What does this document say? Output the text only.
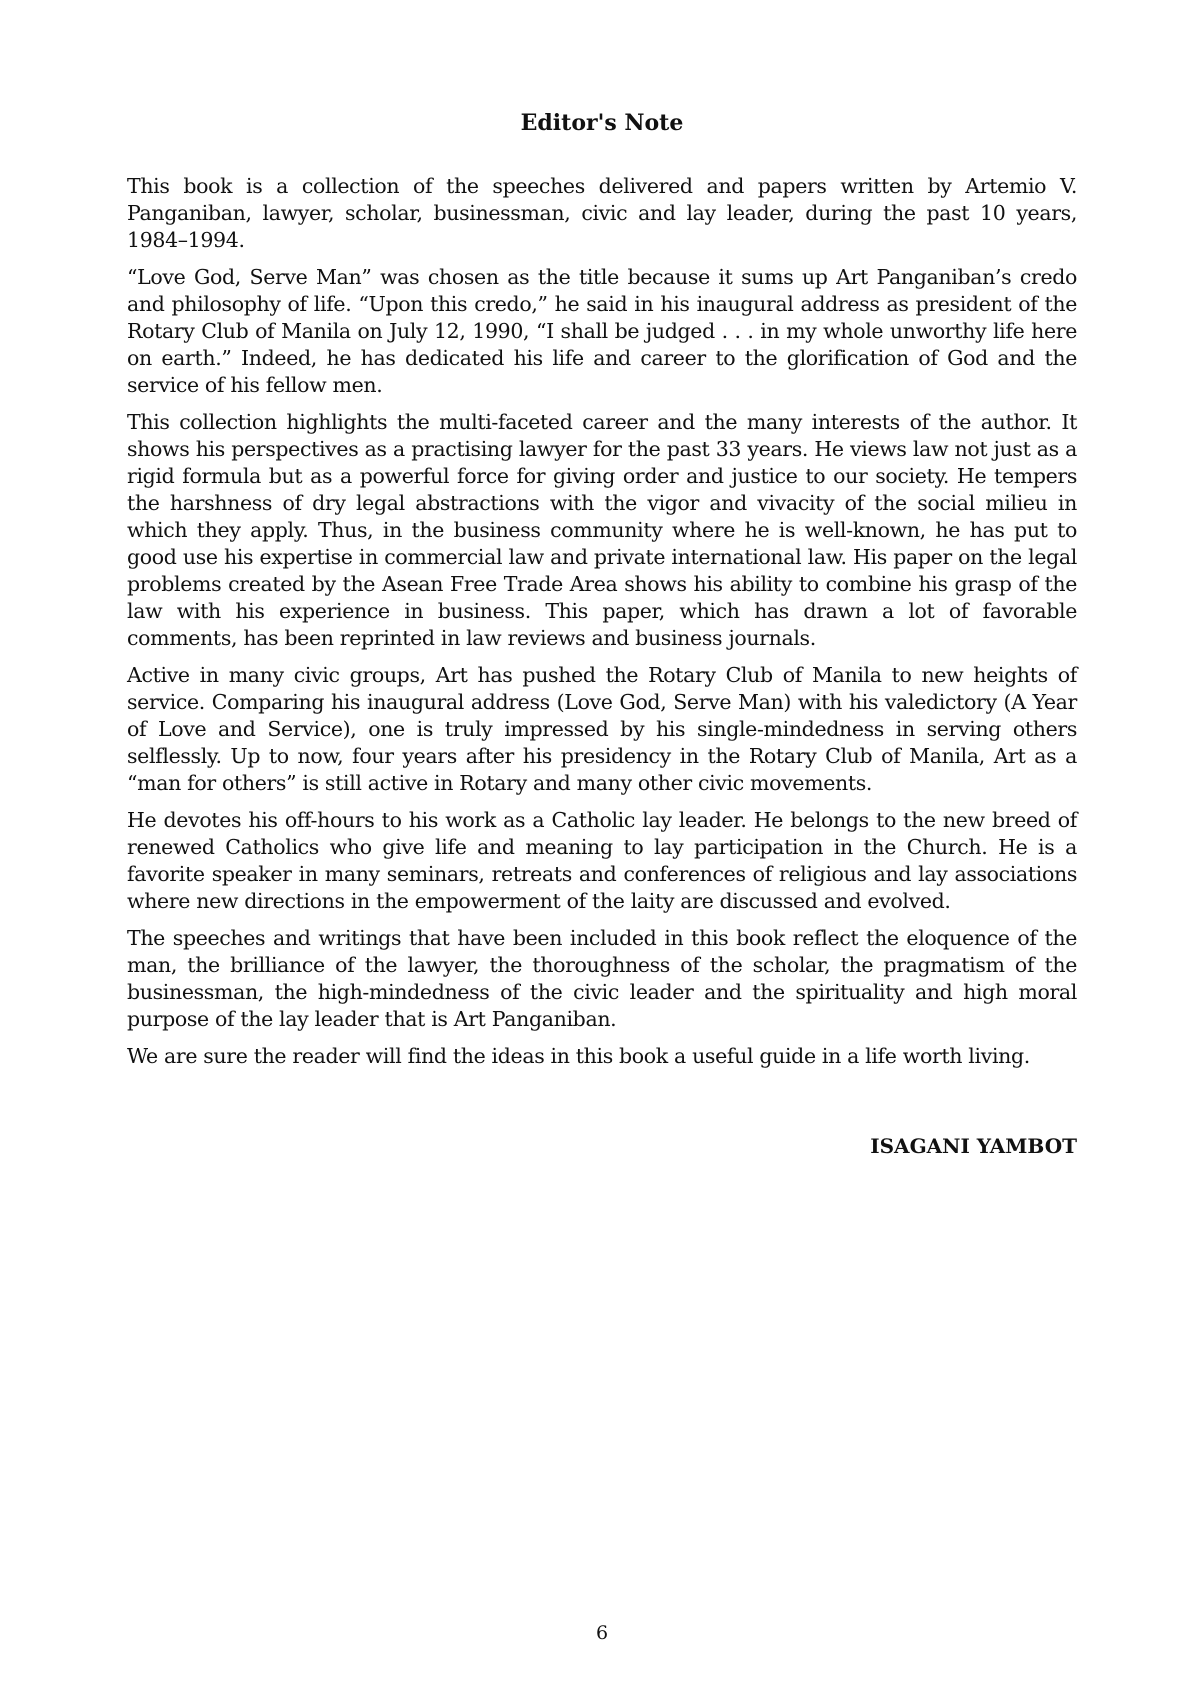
Editor's Note

This book is a collection of the speeches delivered and papers written by Artemio V. Panganiban, lawyer, scholar, businessman, civic and lay leader, during the past 10 years, 1984–1994.

“Love God, Serve Man” was chosen as the title because it sums up Art Panganiban’s credo and philosophy of life. “Upon this credo,” he said in his inaugural address as president of the Rotary Club of Manila on July 12, 1990, “I shall be judged . . . in my whole unworthy life here on earth.” Indeed, he has dedicated his life and career to the glorification of God and the service of his fellow men.

This collection highlights the multi-faceted career and the many interests of the author. It shows his perspectives as a practising lawyer for the past 33 years. He views law not just as a rigid formula but as a powerful force for giving order and justice to our society. He tempers the harshness of dry legal abstractions with the vigor and vivacity of the social milieu in which they apply. Thus, in the business community where he is well-known, he has put to good use his expertise in commercial law and private international law. His paper on the legal problems created by the Asean Free Trade Area shows his ability to combine his grasp of the law with his experience in business. This paper, which has drawn a lot of favorable comments, has been reprinted in law reviews and business journals.

Active in many civic groups, Art has pushed the Rotary Club of Manila to new heights of service. Comparing his inaugural address (Love God, Serve Man) with his valedictory (A Year of Love and Service), one is truly impressed by his single-mindedness in serving others selflessly. Up to now, four years after his presidency in the Rotary Club of Manila, Art as a “man for others” is still active in Rotary and many other civic movements.

He devotes his off-hours to his work as a Catholic lay leader. He belongs to the new breed of renewed Catholics who give life and meaning to lay participation in the Church. He is a favorite speaker in many seminars, retreats and conferences of religious and lay associations where new directions in the empowerment of the laity are discussed and evolved.

The speeches and writings that have been included in this book reflect the eloquence of the man, the brilliance of the lawyer, the thoroughness of the scholar, the pragmatism of the businessman, the high-mindedness of the civic leader and the spirituality and high moral purpose of the lay leader that is Art Panganiban.

We are sure the reader will find the ideas in this book a useful guide in a life worth living.

ISAGANI YAMBOT

6
